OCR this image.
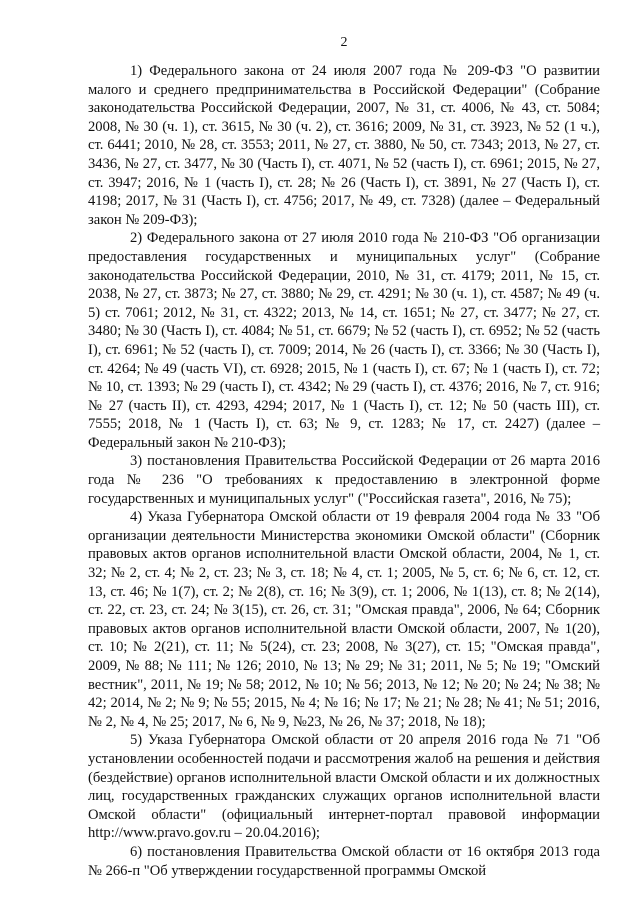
2

1) Федерального закона от 24 июля 2007 года № 209-ФЗ "О развитии малого и среднего предпринимательства в Российской Федерации" (Собрание законодательства Российской Федерации, 2007, № 31, ст. 4006, № 43, ст. 5084; 2008, № 30 (ч. 1), ст. 3615, № 30 (ч. 2), ст. 3616; 2009, № 31, ст. 3923, № 52 (1 ч.), ст. 6441; 2010, № 28, ст. 3553; 2011, № 27, ст. 3880, № 50, ст. 7343; 2013, № 27, ст. 3436, № 27, ст. 3477, № 30 (Часть I), ст. 4071, № 52 (часть I), ст. 6961; 2015, № 27, ст. 3947; 2016, № 1 (часть I), ст. 28; № 26 (Часть I), ст. 3891, № 27 (Часть I), ст. 4198; 2017, № 31 (Часть I), ст. 4756; 2017, № 49, ст. 7328) (далее – Федеральный закон № 209-ФЗ);

2) Федерального закона от 27 июля 2010 года № 210-ФЗ "Об организации предоставления государственных и муниципальных услуг" (Собрание законодательства Российской Федерации, 2010, № 31, ст. 4179; 2011, № 15, ст. 2038, № 27, ст. 3873; № 27, ст. 3880; № 29, ст. 4291; № 30 (ч. 1), ст. 4587; № 49 (ч. 5) ст. 7061; 2012, № 31, ст. 4322; 2013, № 14, ст. 1651; № 27, ст. 3477; № 27, ст. 3480; № 30 (Часть I), ст. 4084; № 51, ст. 6679; № 52 (часть I), ст. 6952; № 52 (часть I), ст. 6961; № 52 (часть I), ст. 7009; 2014, № 26 (часть I), ст. 3366; № 30 (Часть I), ст. 4264; № 49 (часть VI), ст. 6928; 2015, № 1 (часть I), ст. 67; № 1 (часть I), ст. 72; № 10, ст. 1393; № 29 (часть I), ст. 4342; № 29 (часть I), ст. 4376; 2016, № 7, ст. 916; № 27 (часть II), ст. 4293, 4294; 2017, № 1 (Часть I), ст. 12; № 50 (часть III), ст. 7555; 2018, № 1 (Часть I), ст. 63; № 9, ст. 1283; № 17, ст. 2427) (далее – Федеральный закон № 210-ФЗ);

3) постановления Правительства Российской Федерации от 26 марта 2016 года № 236 "О требованиях к предоставлению в электронной форме государственных и муниципальных услуг" ("Российская газета", 2016, № 75);

4) Указа Губернатора Омской области от 19 февраля 2004 года № 33 "Об организации деятельности Министерства экономики Омской области" (Сборник правовых актов органов исполнительной власти Омской области, 2004, № 1, ст. 32; № 2, ст. 4; № 2, ст. 23; № 3, ст. 18; № 4, ст. 1; 2005, № 5, ст. 6; № 6, ст. 12, ст. 13, ст. 46; № 1(7), ст. 2; № 2(8), ст. 16; № 3(9), ст. 1; 2006, № 1(13), ст. 8; № 2(14), ст. 22, ст. 23, ст. 24; № 3(15), ст. 26, ст. 31; "Омская правда", 2006, № 64; Сборник правовых актов органов исполнительной власти Омской области, 2007, № 1(20), ст. 10; № 2(21), ст. 11; № 5(24), ст. 23; 2008, № 3(27), ст. 15; "Омская правда", 2009, № 88; № 111; № 126; 2010, № 13; № 29; № 31; 2011, № 5; № 19; "Омский вестник", 2011, № 19; № 58; 2012, № 10; № 56; 2013, № 12; № 20; № 24; № 38; № 42; 2014, № 2; № 9; № 55; 2015, № 4; № 16; № 17; № 21; № 28; № 41; № 51; 2016, № 2, № 4, № 25; 2017, № 6, № 9, №23, № 26, № 37; 2018, № 18);

5) Указа Губернатора Омской области от 20 апреля 2016 года № 71 "Об установлении особенностей подачи и рассмотрения жалоб на решения и действия (бездействие) органов исполнительной власти Омской области и их должностных лиц, государственных гражданских служащих органов исполнительной власти Омской области" (официальный интернет-портал правовой информации http://www.pravo.gov.ru – 20.04.2016);

6) постановления Правительства Омской области от 16 октября 2013 года № 266-п "Об утверждении государственной программы Омской
